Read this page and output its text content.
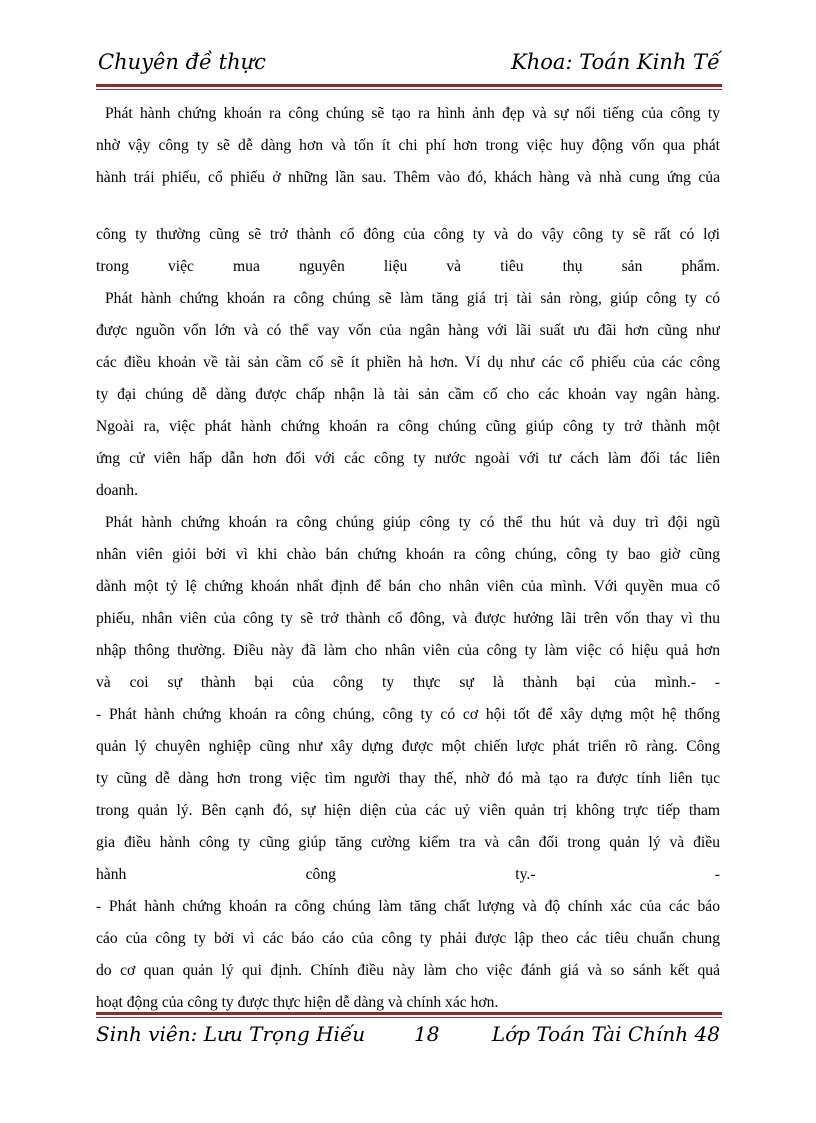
Chuyên đề thực	Khoa: Toán Kinh Tế
Phát hành chứng khoán ra công chúng sẽ tạo ra hình ảnh đẹp và sự nổi tiếng của công ty
nhờ vậy công ty sẽ dễ dàng hơn và tốn ít chi phí hơn trong việc huy động vốn qua phát
hành trái phiếu, cổ phiếu ở những lần sau. Thêm vào đó, khách hàng và nhà cung ứng của
công ty thường cũng sẽ trở thành cổ đông của công ty và do vậy công ty sẽ rất có lợi
trong việc mua nguyên liệu và tiêu thụ sản phẩm.
Phát hành chứng khoán ra công chúng sẽ làm tăng giá trị tài sản ròng, giúp công ty có
được nguồn vốn lớn và có thể vay vốn của ngân hàng với lãi suất ưu đãi hơn cũng như
các điều khoản về tài sản cầm cố sẽ ít phiền hà hơn. Ví dụ như các cổ phiếu của các công
ty đại chúng dễ dàng được chấp nhận là tài sản cầm cố cho các khoản vay ngân hàng.
Ngoài ra, việc phát hành chứng khoán ra công chúng cũng giúp công ty trở thành một
ứng cử viên hấp dẫn hơn đối với các công ty nước ngoài với tư cách làm đối tác liên
doanh.
Phát hành chứng khoán ra công chúng giúp công ty có thể thu hút và duy trì đội ngũ
nhân viên giỏi bởi vì khi chào bán chứng khoán ra công chúng, công ty bao giờ cũng
dành một tỷ lệ chứng khoán nhất định để bán cho nhân viên của mình. Với quyền mua cổ
phiếu, nhân viên của công ty sẽ trở thành cổ đông, và được hưởng lãi trên vốn thay vì thu
nhập thông thường. Điều này đã làm cho nhân viên của công ty làm việc có hiệu quả hơn
và coi sự thành bại của công ty thực sự là thành bại của mình.- -
- Phát hành chứng khoán ra công chúng, công ty có cơ hội tốt để xây dựng một hệ thống
quản lý chuyên nghiệp cũng như xây dựng được một chiến lược phát triển rõ ràng. Công
ty cũng dễ dàng hơn trong việc tìm người thay thế, nhờ đó mà tạo ra được tính liên tục
trong quản lý. Bên cạnh đó, sự hiện diện của các uỷ viên quản trị không trực tiếp tham
gia điều hành công ty cũng giúp tăng cường kiểm tra và cân đối trong quản lý và điều
hành công ty.- -
- Phát hành chứng khoán ra công chúng làm tăng chất lượng và độ chính xác của các báo
cáo của công ty bởi vì các báo cáo của công ty phải được lập theo các tiêu chuẩn chung
do cơ quan quản lý qui định. Chính điều này làm cho việc đánh giá và so sánh kết quả
hoạt động của công ty được thực hiện dễ dàng và chính xác hơn.
Sinh viên: Lưu Trọng Hiếu 18	Lớp Toán Tài Chính 48
